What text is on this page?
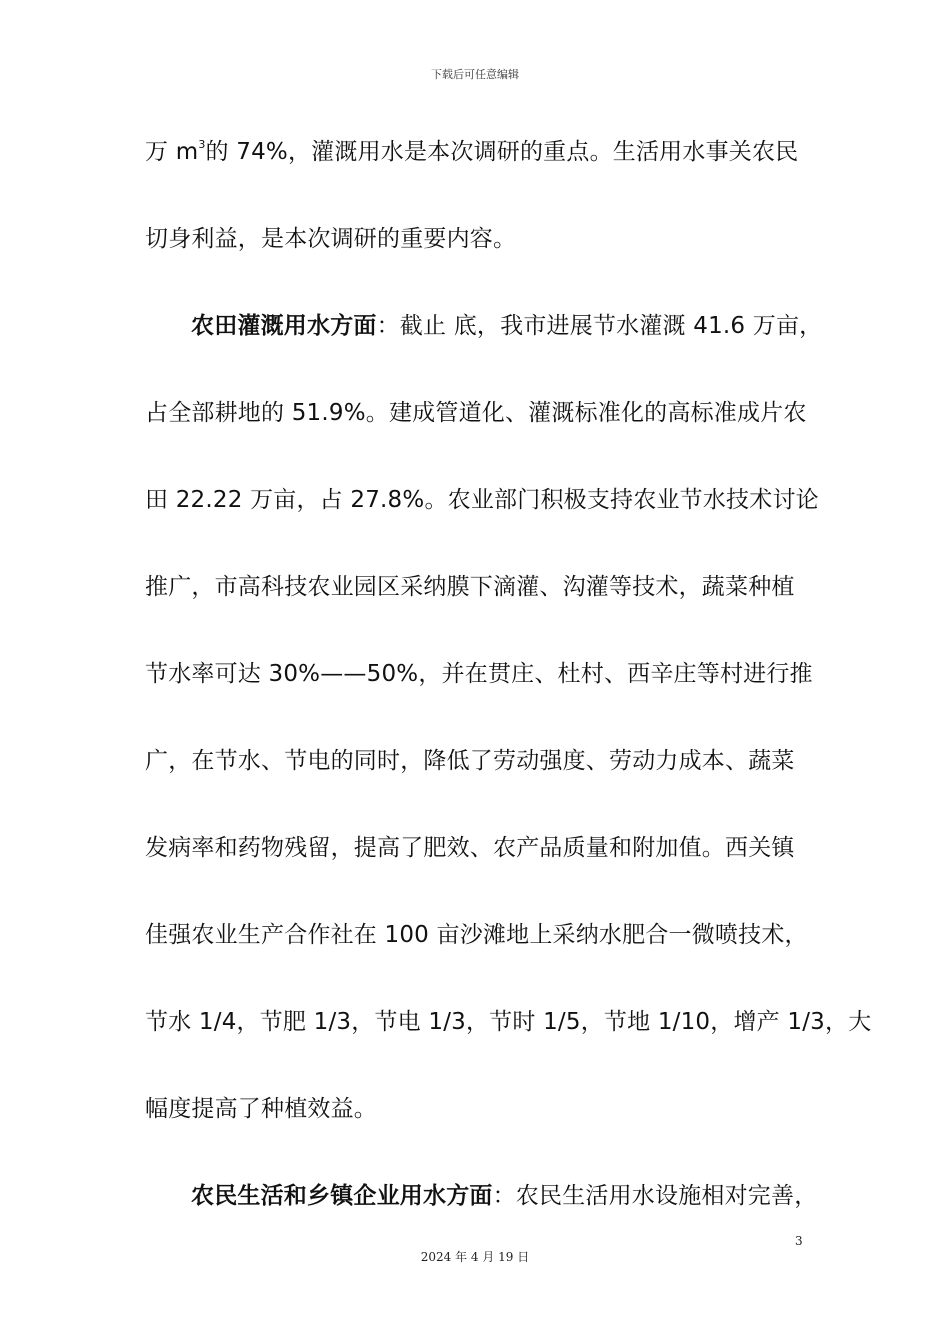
下载后可任意编辑
万 $m^3$的 74%，灌溉用水是本次调研的重点。生活用水事关农民
切身利益，是本次调研的重要内容。
农田灌溉用水方面：截止 底，我市进展节水灌溉 41.6 万亩，
占全部耕地的 51.9%。建成管道化、灌溉标准化的高标准成片农
田 22.22 万亩，占 27.8%。农业部门积极支持农业节水技术讨论
推广，市高科技农业园区采纳膜下滴灌、沟灌等技术，蔬菜种植
节水率可达 30%——50%，并在贯庄、杜村、西辛庄等村进行推
广，在节水、节电的同时，降低了劳动强度、劳动力成本、蔬菜
发病率和药物残留，提高了肥效、农产品质量和附加值。西关镇
佳强农业生产合作社在 100 亩沙滩地上采纳水肥合一微喷技术，
节水 1/4，节肥 1/3，节电 1/3，节时 1/5，节地 1/10，增产 1/3，大
幅度提高了种植效益。
农民生活和乡镇企业用水方面：农民生活用水设施相对完善，
3
2024 年 4 月 19 日
